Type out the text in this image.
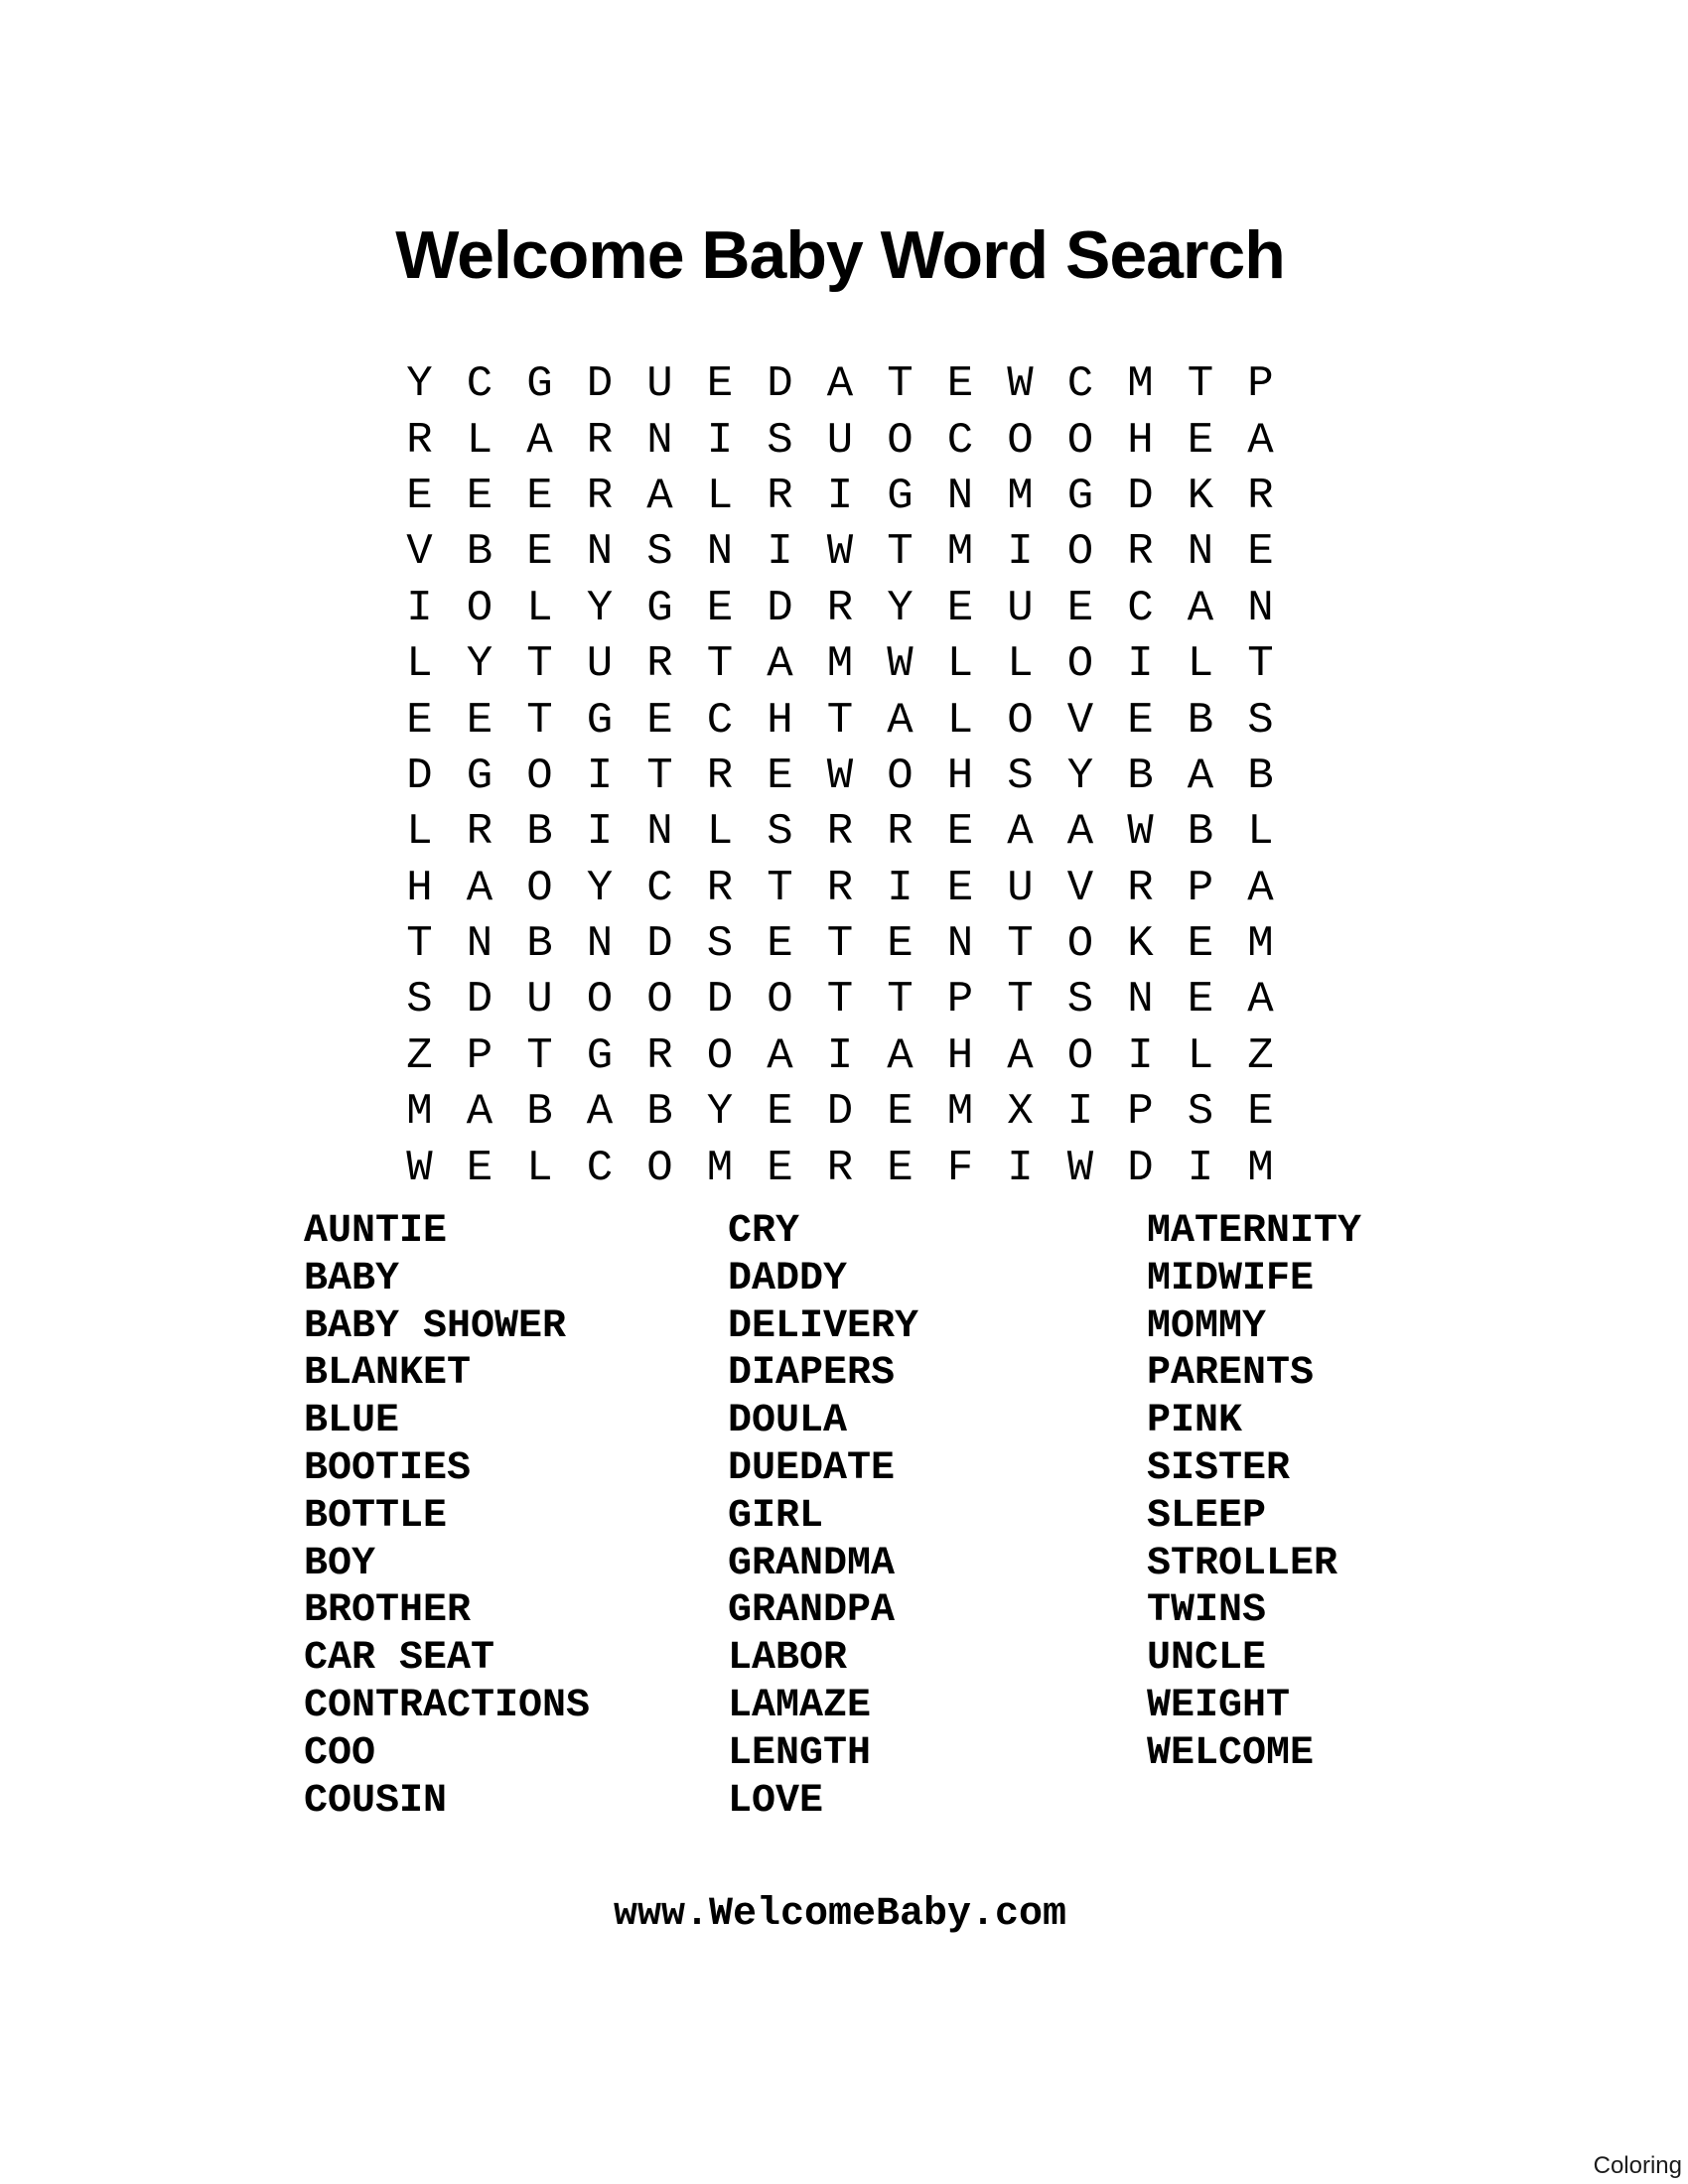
Welcome Baby Word Search
Y C G D U E D A T E W C M T P
R L A R N I S U O C O O H E A
E E E R A L R I G N M G D K R
V B E N S N I W T M I O R N E
I O L Y G E D R Y E U E C A N
L Y T U R T A M W L L O I L T
E E T G E C H T A L O V E B S
D G O I T R E W O H S Y B A B
L R B I N L S R R E A A W B L
H A O Y C R T R I E U V R P A
T N B N D S E T E N T O K E M
S D U O O D O T T P T S N E A
Z P T G R O A I A H A O I L Z
M A B A B Y E D E M X I P S E
W E L C O M E R E F I W D I M
AUNTIE
BABY
BABY SHOWER
BLANKET
BLUE
BOOTIES
BOTTLE
BOY
BROTHER
CAR SEAT
CONTRACTIONS
COO
COUSIN
CRY
DADDY
DELIVERY
DIAPERS
DOULA
DUEDATE
GIRL
GRANDMA
GRANDPA
LABOR
LAMAZE
LENGTH
LOVE
MATERNITY
MIDWIFE
MOMMY
PARENTS
PINK
SISTER
SLEEP
STROLLER
TWINS
UNCLE
WEIGHT
WELCOME
www.WelcomeBaby.com
Coloring
